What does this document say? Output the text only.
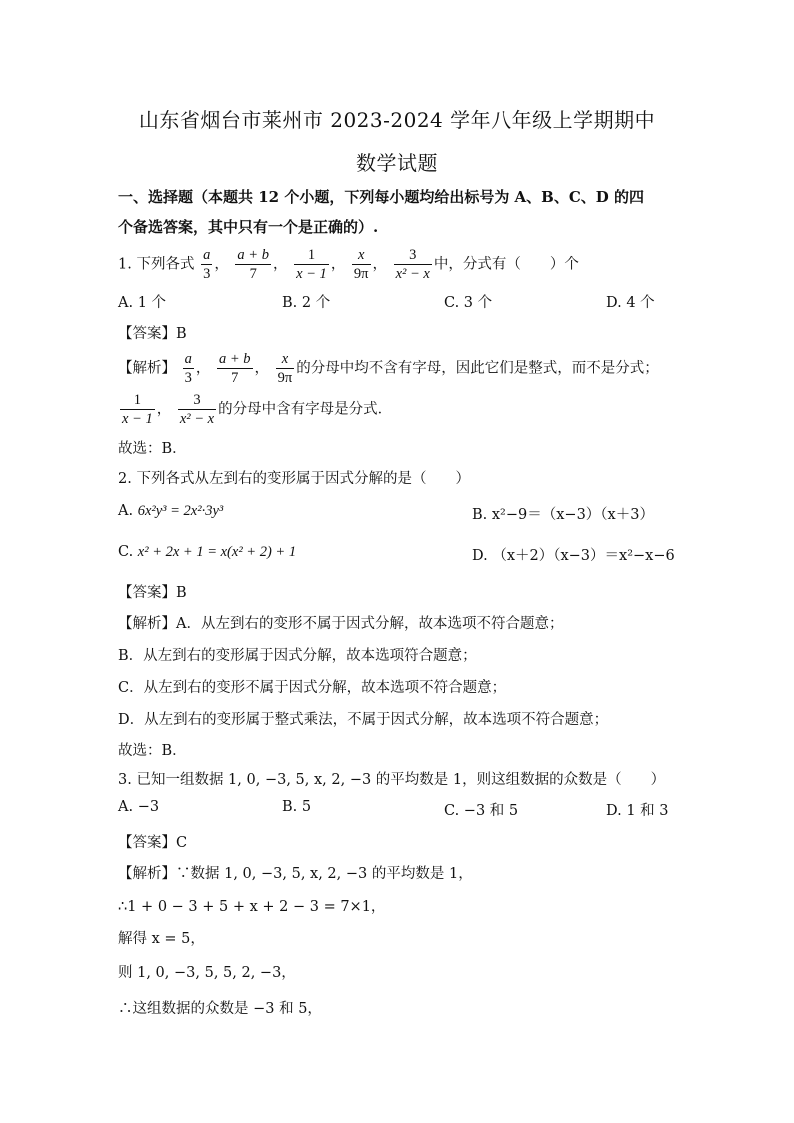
山东省烟台市莱州市 2023-2024 学年八年级上学期期中
数学试题
一、选择题（本题共 12 个小题，下列每小题均给出标号为 A、B、C、D 的四
个备选答案，其中只有一个是正确的）.
1. 下列各式 $\frac{a}{3}$ ， $\frac{a + b}{7}$ ， $\frac{1}{x - 1}$ ， $\frac{x}{9\pi}$ ， $\frac{3}{\text{x² − x}}$ 中，分式有（　　）个
A. 1 个	B. 2 个	C. 3 个	D. 4 个
【答案】B
【解析】 $\frac{a}{3}$ ， $\frac{a + b}{7}$ ， $\frac{x}{9\pi}$ 的分母中均不含有字母，因此它们是整式，而不是分式；
$\frac{1}{x - 1}$ ， $\frac{3}{\text{x² − x}}$ 的分母中含有字母是分式．
故选：B．
2. 下列各式从左到右的变形属于因式分解的是（　　）
A. 6x²y³ = 2x²·3y³	B. x²−9＝（x−3）（x＋3）
C. x² + 2x + 1 = x(x² + 2) + 1	D. （x＋2）（x−3）＝x²−x−6
【答案】B
【解析】A．从左到右的变形不属于因式分解，故本选项不符合题意；
B．从左到右的变形属于因式分解，故本选项符合题意；
C．从左到右的变形不属于因式分解，故本选项不符合题意；
D．从左到右的变形属于整式乘法，不属于因式分解，故本选项不符合题意；
故选：B．
3. 已知一组数据 1, 0, −3, 5, x, 2, −3 的平均数是 1，则这组数据的众数是（　　）
A. −3	B. 5	C. −3 和 5	D. 1 和 3
【答案】C
【解析】∵数据 1, 0, −3, 5, x, 2, −3 的平均数是 1，
∴1 + 0 − 3 + 5 + x + 2 − 3 = 7×1，
解得 x = 5，
则 1, 0, −3, 5, 5, 2, −3，
∴这组数据的众数是 −3 和 5，
